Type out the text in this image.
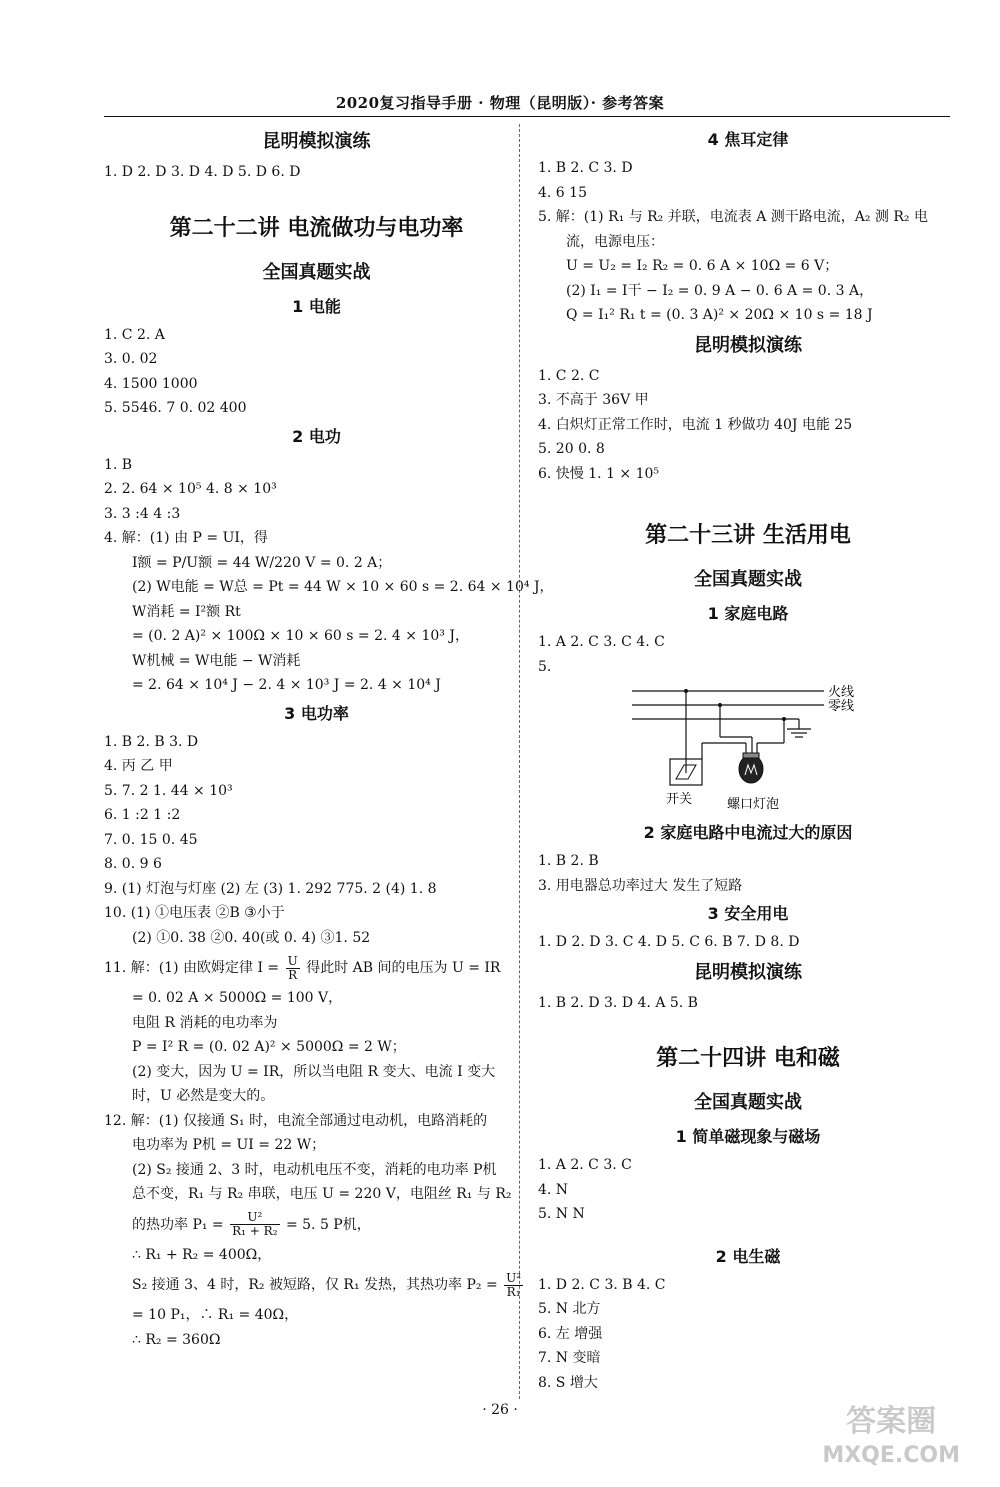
2020复习指导手册 · 物理（昆明版）· 参考答案
昆明模拟演练
1. D 2. D 3. D 4. D 5. D 6. D
第二十二讲 电流做功与电功率
全国真题实战
1 电能
1. C 2. A
3. 0. 02
4. 1500 1000
5. 5546. 7 0. 02 400
2 电功
1. B
2. 2. 64 × 10⁵ 4. 8 × 10³
3. 3 :4 4 :3
4. 解：(1) 由 P = UI，得
I额 = P/U额 = 44 W/220 V = 0. 2 A；
(2) W电能 = W总 = Pt = 44 W × 10 × 60 s = 2. 64 × 10⁴ J，
W消耗 = I²额 Rt
= (0. 2 A)² × 100Ω × 10 × 60 s = 2. 4 × 10³ J，
W机械 = W电能 − W消耗
= 2. 64 × 10⁴ J − 2. 4 × 10³ J = 2. 4 × 10⁴ J
3 电功率
1. B 2. B 3. D
4. 丙 乙 甲
5. 7. 2 1. 44 × 10³
6. 1 :2 1 :2
7. 0. 15 0. 45
8. 0. 9 6
9. (1) 灯泡与灯座 (2) 左 (3) 1. 292 775. 2 (4) 1. 8
10. (1) ①电压表 ②B ③小于
(2) ①0. 38 ②0. 40(或 0. 4) ③1. 52
11. 解：(1) 由欧姆定律 $I = \frac{U}{R}$ 得此时 AB 间的电压为 U = IR
= 0. 02 A × 5000Ω = 100 V，
电阻 R 消耗的电功率为
P = I² R = (0. 02 A)² × 5000Ω = 2 W；
(2) 变大，因为 U = IR，所以当电阻 R 变大、电流 I 变大
时，U 必然是变大的。
12. 解：(1) 仅接通 S₁ 时，电流全部通过电动机，电路消耗的
电功率为 P机 = UI = 22 W；
(2) S₂ 接通 2、3 时，电动机电压不变，消耗的电功率 P机
总不变，R₁ 与 R₂ 串联，电压 U = 220 V，电阻丝 R₁ 与 R₂
的热功率 $P_1 = \frac{\text{U²}}{\text{R₁ + R₂}} = 5$. 5 P机，
∴ R₁ + R₂ = 400Ω，
S₂ 接通 3、4 时，R₂ 被短路，仅 R₁ 发热，其热功率 $P_2 = \frac{\text{U²}}{\text{R₁}}$
= 10 P₁，∴ R₁ = 40Ω，
∴ R₂ = 360Ω
4 焦耳定律
1. B 2. C 3. D
4. 6 15
5. 解：(1) R₁ 与 R₂ 并联，电流表 A 测干路电流，A₂ 测 R₂ 电
流，电源电压：
U = U₂ = I₂ R₂ = 0. 6 A × 10Ω = 6 V；
(2) I₁ = I干 − I₂ = 0. 9 A − 0. 6 A = 0. 3 A，
Q = I₁² R₁ t = (0. 3 A)² × 20Ω × 10 s = 18 J
昆明模拟演练
1. C 2. C
3. 不高于 36V 甲
4. 白炽灯正常工作时，电流 1 秒做功 40J 电能 25
5. 20 0. 8
6. 快慢 1. 1 × 10⁵
第二十三讲 生活用电
全国真题实战
1 家庭电路
1. A 2. C 3. C 4. C
5.
火线
零线
开关	螺口灯泡
2 家庭电路中电流过大的原因
1. B 2. B
3. 用电器总功率过大 发生了短路
3 安全用电
1. D 2. D 3. C 4. D 5. C 6. B 7. D 8. D
昆明模拟演练
1. B 2. D 3. D 4. A 5. B
第二十四讲 电和磁
全国真题实战
1 简单磁现象与磁场
1. A 2. C 3. C
4. N
5. N N
2 电生磁
1. D 2. C 3. B 4. C
5. N 北方
6. 左 增强
7. N 变暗
8. S 增大
· 26 ·	答案圈
MXQE.COM
